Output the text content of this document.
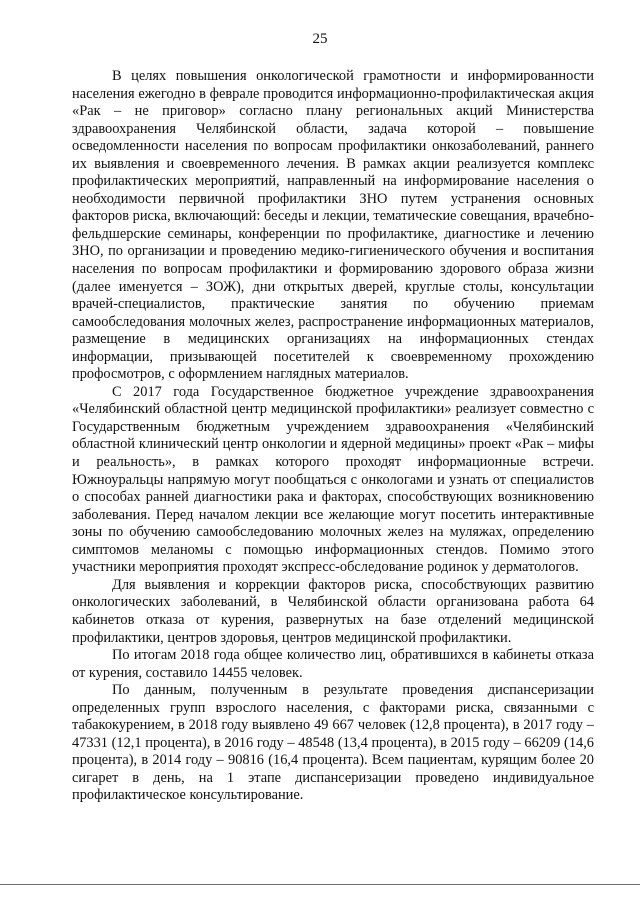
25

В целях повышения онкологической грамотности и информированности населения ежегодно в феврале проводится информационно-профилактическая акция «Рак – не приговор» согласно плану региональных акций Министерства здравоохранения Челябинской области, задача которой – повышение осведомленности населения по вопросам профилактики онкозаболеваний, раннего их выявления и своевременного лечения. В рамках акции реализуется комплекс профилактических мероприятий, направленный на информирование населения о необходимости первичной профилактики ЗНО путем устранения основных факторов риска, включающий: беседы и лекции, тематические совещания, врачебно-фельдшерские семинары, конференции по профилактике, диагностике и лечению ЗНО, по организации и проведению медико-гигиенического обучения и воспитания населения по вопросам профилактики и формированию здорового образа жизни (далее именуется – ЗОЖ), дни открытых дверей, круглые столы, консультации врачей-специалистов, практические занятия по обучению приемам самообследования молочных желез, распространение информационных материалов, размещение в медицинских организациях на информационных стендах информации, призывающей посетителей к своевременному прохождению профосмотров, с оформлением наглядных материалов.

С 2017 года Государственное бюджетное учреждение здравоохранения «Челябинский областной центр медицинской профилактики» реализует совместно с Государственным бюджетным учреждением здравоохранения «Челябинский областной клинический центр онкологии и ядерной медицины» проект «Рак – мифы и реальность», в рамках которого проходят информационные встречи. Южноуральцы напрямую могут пообщаться с онкологами и узнать от специалистов о способах ранней диагностики рака и факторах, способствующих возникновению заболевания. Перед началом лекции все желающие могут посетить интерактивные зоны по обучению самообследованию молочных желез на муляжах, определению симптомов меланомы с помощью информационных стендов. Помимо этого участники мероприятия проходят экспресс-обследование родинок у дерматологов.

Для выявления и коррекции факторов риска, способствующих развитию онкологических заболеваний, в Челябинской области организована работа 64 кабинетов отказа от курения, развернутых на базе отделений медицинской профилактики, центров здоровья, центров медицинской профилактики.

По итогам 2018 года общее количество лиц, обратившихся в кабинеты отказа от курения, составило 14455 человек.

По данным, полученным в результате проведения диспансеризации определенных групп взрослого населения, с факторами риска, связанными с табакокурением, в 2018 году выявлено 49 667 человек (12,8 процента), в 2017 году – 47331 (12,1 процента), в 2016 году – 48548 (13,4 процента), в 2015 году – 66209 (14,6 процента), в 2014 году – 90816 (16,4 процента). Всем пациентам, курящим более 20 сигарет в день, на 1 этапе диспансеризации проведено индивидуальное профилактическое консультирование.
